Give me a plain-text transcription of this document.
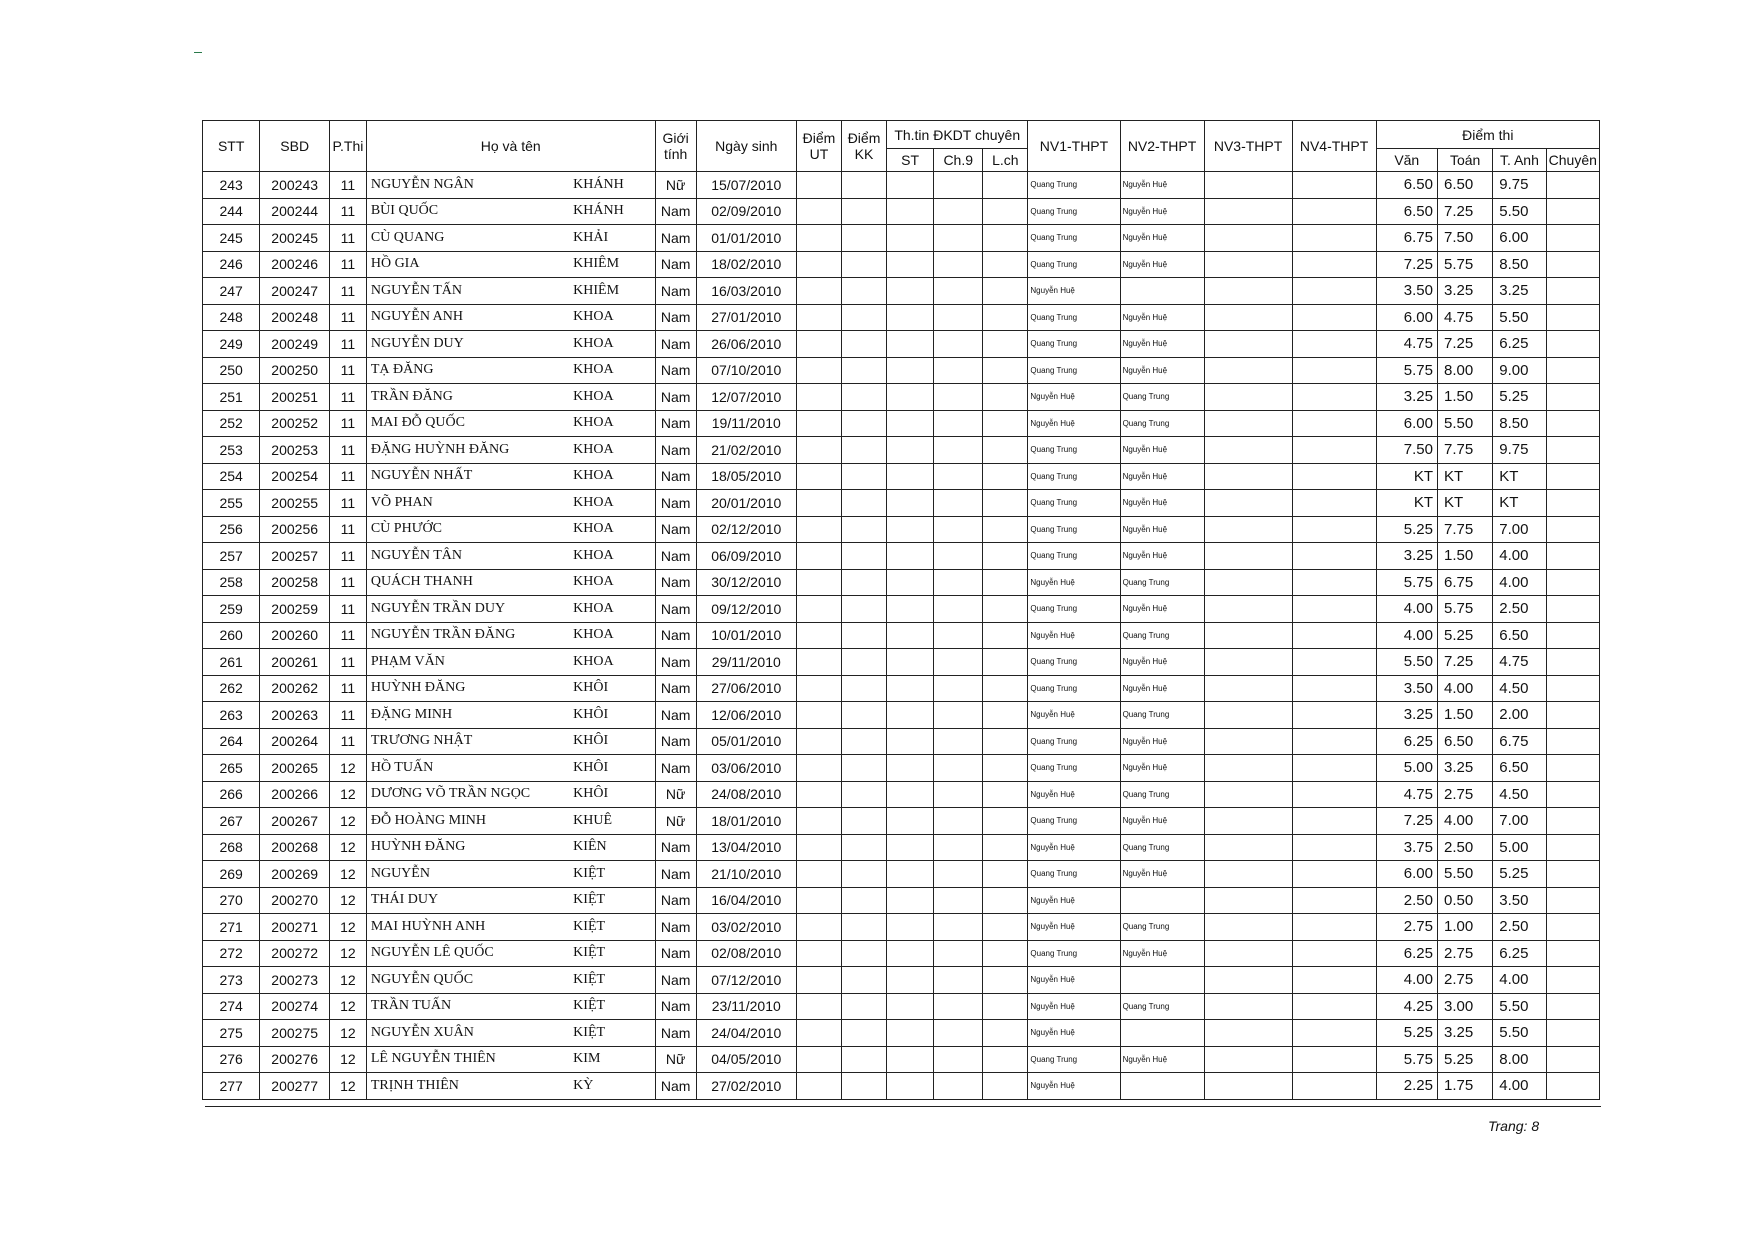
STT	SBD	P.Thi	Họ và tên		Giới tính	Ngày sinh	Điểm UT	Điểm KK	Th.tin ĐKDT chuyên			NV1-THPT	NV2-THPT	NV3-THPT	NV4-THPT	Điểm thi			
									ST	Ch.9	L.ch					Văn	Toán	T. Anh	Chuyên
243	200243	11	NGUYỄN NGÂN	KHÁNH	Nữ	15/07/2010						Quang Trung	Nguyễn Huệ			6.50	6.50	9.75	
244	200244	11	BÙI QUỐC	KHÁNH	Nam	02/09/2010						Quang Trung	Nguyễn Huệ			6.50	7.25	5.50	
245	200245	11	CÙ QUANG	KHẢI	Nam	01/01/2010						Quang Trung	Nguyễn Huệ			6.75	7.50	6.00	
246	200246	11	HỒ GIA	KHIÊM	Nam	18/02/2010						Quang Trung	Nguyễn Huệ			7.25	5.75	8.50	
247	200247	11	NGUYỄN TẤN	KHIÊM	Nam	16/03/2010						Nguyễn Huệ				3.50	3.25	3.25	
248	200248	11	NGUYỄN ANH	KHOA	Nam	27/01/2010						Quang Trung	Nguyễn Huệ			6.00	4.75	5.50	
249	200249	11	NGUYỄN DUY	KHOA	Nam	26/06/2010						Quang Trung	Nguyễn Huệ			4.75	7.25	6.25	
250	200250	11	TẠ ĐĂNG	KHOA	Nam	07/10/2010						Quang Trung	Nguyễn Huệ			5.75	8.00	9.00	
251	200251	11	TRẦN ĐĂNG	KHOA	Nam	12/07/2010						Nguyễn Huệ	Quang Trung			3.25	1.50	5.25	
252	200252	11	MAI ĐỖ QUỐC	KHOA	Nam	19/11/2010						Nguyễn Huệ	Quang Trung			6.00	5.50	8.50	
253	200253	11	ĐẶNG HUỲNH ĐĂNG	KHOA	Nam	21/02/2010						Quang Trung	Nguyễn Huệ			7.50	7.75	9.75	
254	200254	11	NGUYỄN NHẤT	KHOA	Nam	18/05/2010						Quang Trung	Nguyễn Huệ			KT	KT	KT	
255	200255	11	VÕ PHAN	KHOA	Nam	20/01/2010						Quang Trung	Nguyễn Huệ			KT	KT	KT	
256	200256	11	CÙ PHƯỚC	KHOA	Nam	02/12/2010						Quang Trung	Nguyễn Huệ			5.25	7.75	7.00	
257	200257	11	NGUYỄN TÂN	KHOA	Nam	06/09/2010						Quang Trung	Nguyễn Huệ			3.25	1.50	4.00	
258	200258	11	QUÁCH THANH	KHOA	Nam	30/12/2010						Nguyễn Huệ	Quang Trung			5.75	6.75	4.00	
259	200259	11	NGUYỄN TRẦN DUY	KHOA	Nam	09/12/2010						Quang Trung	Nguyễn Huệ			4.00	5.75	2.50	
260	200260	11	NGUYỄN TRẦN ĐĂNG	KHOA	Nam	10/01/2010						Nguyễn Huệ	Quang Trung			4.00	5.25	6.50	
261	200261	11	PHẠM VĂN	KHOA	Nam	29/11/2010						Quang Trung	Nguyễn Huệ			5.50	7.25	4.75	
262	200262	11	HUỲNH ĐĂNG	KHÔI	Nam	27/06/2010						Quang Trung	Nguyễn Huệ			3.50	4.00	4.50	
263	200263	11	ĐẶNG MINH	KHÔI	Nam	12/06/2010						Nguyễn Huệ	Quang Trung			3.25	1.50	2.00	
264	200264	11	TRƯƠNG NHẬT	KHÔI	Nam	05/01/2010						Quang Trung	Nguyễn Huệ			6.25	6.50	6.75	
265	200265	12	HỒ TUẤN	KHÔI	Nam	03/06/2010						Quang Trung	Nguyễn Huệ			5.00	3.25	6.50	
266	200266	12	DƯƠNG VÕ TRẦN NGỌC	KHÔI	Nữ	24/08/2010						Nguyễn Huệ	Quang Trung			4.75	2.75	4.50	
267	200267	12	ĐỖ HOÀNG MINH	KHUÊ	Nữ	18/01/2010						Quang Trung	Nguyễn Huệ			7.25	4.00	7.00	
268	200268	12	HUỲNH ĐĂNG	KIÊN	Nam	13/04/2010						Nguyễn Huệ	Quang Trung			3.75	2.50	5.00	
269	200269	12	NGUYỄN	KIỆT	Nam	21/10/2010						Quang Trung	Nguyễn Huệ			6.00	5.50	5.25	
270	200270	12	THÁI DUY	KIỆT	Nam	16/04/2010						Nguyễn Huệ				2.50	0.50	3.50	
271	200271	12	MAI HUỲNH ANH	KIỆT	Nam	03/02/2010						Nguyễn Huệ	Quang Trung			2.75	1.00	2.50	
272	200272	12	NGUYỄN LÊ QUỐC	KIỆT	Nam	02/08/2010						Quang Trung	Nguyễn Huệ			6.25	2.75	6.25	
273	200273	12	NGUYỄN QUỐC	KIỆT	Nam	07/12/2010						Nguyễn Huệ				4.00	2.75	4.00	
274	200274	12	TRẦN TUẤN	KIỆT	Nam	23/11/2010						Nguyễn Huệ	Quang Trung			4.25	3.00	5.50	
275	200275	12	NGUYỄN XUÂN	KIỆT	Nam	24/04/2010						Nguyễn Huệ				5.25	3.25	5.50	
276	200276	12	LÊ NGUYỄN THIÊN	KIM	Nữ	04/05/2010						Quang Trung	Nguyễn Huệ			5.75	5.25	8.00	
277	200277	12	TRỊNH THIÊN	KỲ	Nam	27/02/2010						Nguyễn Huệ				2.25	1.75	4.00	
Trang: 8
